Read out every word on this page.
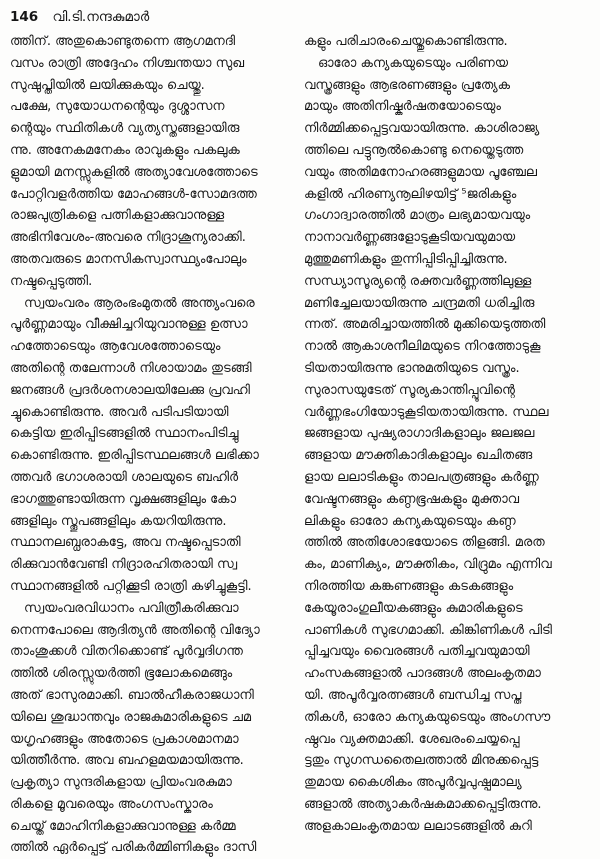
146 വി.ടി.നന്ദകുമാർ
ത്തിന്. അതുകൊണ്ടുതന്നെ ആഗമനദി
വസം രാത്രി അദ്ദേഹം നിശ്ചന്തയാ സുഖ
സുഷുപ്തിയിൽ ലയിക്കുകയും ചെയ്തു.
പക്ഷേ, സുയോധനന്റെയും ദുശ്ശാസന
ന്റെയും സ്ഥിതികൾ വ്യത്യസ്തങ്ങളായിരു
ന്നു. അനേകമനേകം രാവുകളും പകലുക
ളുമായി മനസ്സുകളിൽ അത്യാവേശത്തോടെ
പോറ്റിവളർത്തിയ മോഹങ്ങൾ-സോമദത്ത
രാജപുത്രികളെ പത്നികളാക്കുവാനുള്ള
അഭിനിവേശം-അവരെ നിദ്രാശൂന്യരാക്കി.
അതവരുടെ മാനസികസ്വാസ്ഥ്യംപോലും
നഷ്ടപ്പെടുത്തി.
സ്വയംവരം ആരംഭംമുതൽ അന്ത്യംവരെ
പൂർണ്ണമായും വീക്ഷിച്ചറിയുവാനുള്ള ഉത്സാ
ഹത്തോടെയും ആവേശത്തോടെയും
അതിന്റെ തലേന്നാൾ നിശായാമം തുടങ്ങി
ജനങ്ങൾ പ്രദർശനശാലയിലേക്കു പ്രവഹി
ച്ചുകൊണ്ടിരുന്നു. അവർ പടിപടിയായി
കെട്ടിയ ഇരിപ്പിടങ്ങളിൽ സ്ഥാനംപിടിച്ചു
കൊണ്ടിരുന്നു. ഇരിപ്പിടസ്ഥലങ്ങൾ ലഭിക്കാ
ത്തവർ ഭഗാശരായി ശാലയുടെ ബഹിർ
ഭാഗത്തുണ്ടായിരുന്ന വൃക്ഷങ്ങളിലും കോ
ങ്ങളിലും സ്തൂപങ്ങളിലും കയറിയിരുന്നു.
സ്ഥാനലബ്ധരാകട്ടേ, അവ നഷ്ടപ്പെടാതി
രിക്കുവാൻവേണ്ടി നിദ്രാരഹിതരായി സ്വ
സ്ഥാനങ്ങളിൽ പറ്റിക്കൂടി രാത്രി കഴിച്ചുകൂട്ടി.
സ്വയംവരവിധാനം പവിത്രീകരിക്കുവാ
നെന്നപോലെ ആദിത്യൻ അതിന്റെ വിദ്യോ
താംശുക്കൾ വിതറിക്കൊണ്ട് പൂർവ്വദിഗന്ത
ത്തിൽ ശിരസ്സുയർത്തി ഭൂലോകമെങ്ങും
അത് ഭാസുരമാക്കി. ബാൽഹീകരാജധാനി
യിലെ ശുദ്ധാന്തവും രാജകുമാരികളുടെ ചമ
യഗൃഹങ്ങളും അതോടെ പ്രകാശമാനമാ
യിത്തീർന്നു. അവ ബഹളമയമായിരുന്നു.
പ്രകൃത്യാ സുന്ദരികളായ പ്രിയംവരകുമാ
രികളെ മൂവരെയും അംഗസംസ്കാരം
ചെയ്ത് മോഹിനികളാക്കുവാനുള്ള കർമ്മ
ത്തിൽ ഏർപ്പെട്ട് പരികർമ്മിണികളും ദാസി
കളും പരിചാരംചെയ്തുകൊണ്ടിരുന്നു.
ഓരോ കന്യകയുടെയും പരിണയ
വസ്ത്രങ്ങളും ആഭരണങ്ങളും പ്രത്യേക
മായും അതിനിഷ്കർഷതയോടെയും
നിർമ്മിക്കപ്പെട്ടവയായിരുന്നു. കാശിരാജ്യ
ത്തിലെ പട്ടുനൂൽകൊണ്ടു നെയ്തെടുത്ത
വയും അതിമനോഹരങ്ങളുമായ പൂഞ്ചേല
കളിൽ ഹിരണ്യനൂലിഴയിട്ട് ⁵ജരികളും
ഗംഗാദ്വാരത്തിൽ മാത്രം ലഭ്യമായവയും
നാനാവർണ്ണങ്ങളോടുകൂടിയവയുമായ
മുത്തുമണികളും തുന്നിപ്പിടിപ്പിച്ചിരുന്നു.
സന്ധ്യാസൂര്യന്റെ രക്തവർണ്ണത്തിലുള്ള
മണിച്ചേലയായിരുന്നു ചന്ദ്രമതി ധരിച്ചിരു
ന്നത്. അമരിച്ചായത്തിൽ മുക്കിയെടുത്തതി
നാൽ ആകാശനീലിമയുടെ നിറത്തോടുകൂ
ടിയതായിരുന്നു ഭാനുമതിയുടെ വസ്ത്രം.
സുരാസയുടേത് സൂര്യകാന്തിപ്പൂവിന്റെ
വർണ്ണഭംഗിയോടുകൂടിയതായിരുന്നു. സ്ഥല
ജങ്ങളായ പുഷ്യരാഗാദികളാലും ജലജല
ങ്ങളായ മൗക്തികാദികളാലും ഖചിതങ്ങ
ളായ ലലാടികളും താലപത്രങ്ങളും കർണ്ണ
വേഷ്ടനങ്ങളും കണ്ഠഭൂഷകളും മുക്താവ
ലികളും ഓരോ കന്യകയുടെയും കണ്ഠ
ത്തിൽ അതിശോഭയോടെ തിളങ്ങി. മരത
കം, മാണിക്യം, മൗക്തികം, വിദ്രുമം എന്നിവ
നിരത്തിയ കങ്കണങ്ങളും കടകങ്ങളും
കേയൂരാംഗുലീയകങ്ങളും കുമാരികളുടെ
പാണികൾ സുഭഗമാക്കി. കിങ്കിണികൾ പിടി
പ്പിച്ചവയും വൈരങ്ങൾ പതിച്ചവയുമായി
ഹംസകങ്ങളാൽ പാദങ്ങൾ അലംകൃതമാ
യി. അപൂർവ്വരത്നങ്ങൾ ബന്ധിച്ച സപ്ത
തികൾ, ഓരോ കന്യകയുടെയും അംഗസൗ
ഷ്ഠവം വ്യക്തമാക്കി. ശേഖരംചെയ്യപ്പെ
ട്ടതും സുഗന്ധതൈലത്താൽ മിനുക്കപ്പെട്ട
തുമായ കൈശികം അപൂർവ്വപുഷ്പമാല്യ
ങ്ങളാൽ അത്യാകർഷകമാക്കപ്പെട്ടിരുന്നു.
അളകാലംകൃതമായ ലലാടങ്ങളിൽ കുറി
